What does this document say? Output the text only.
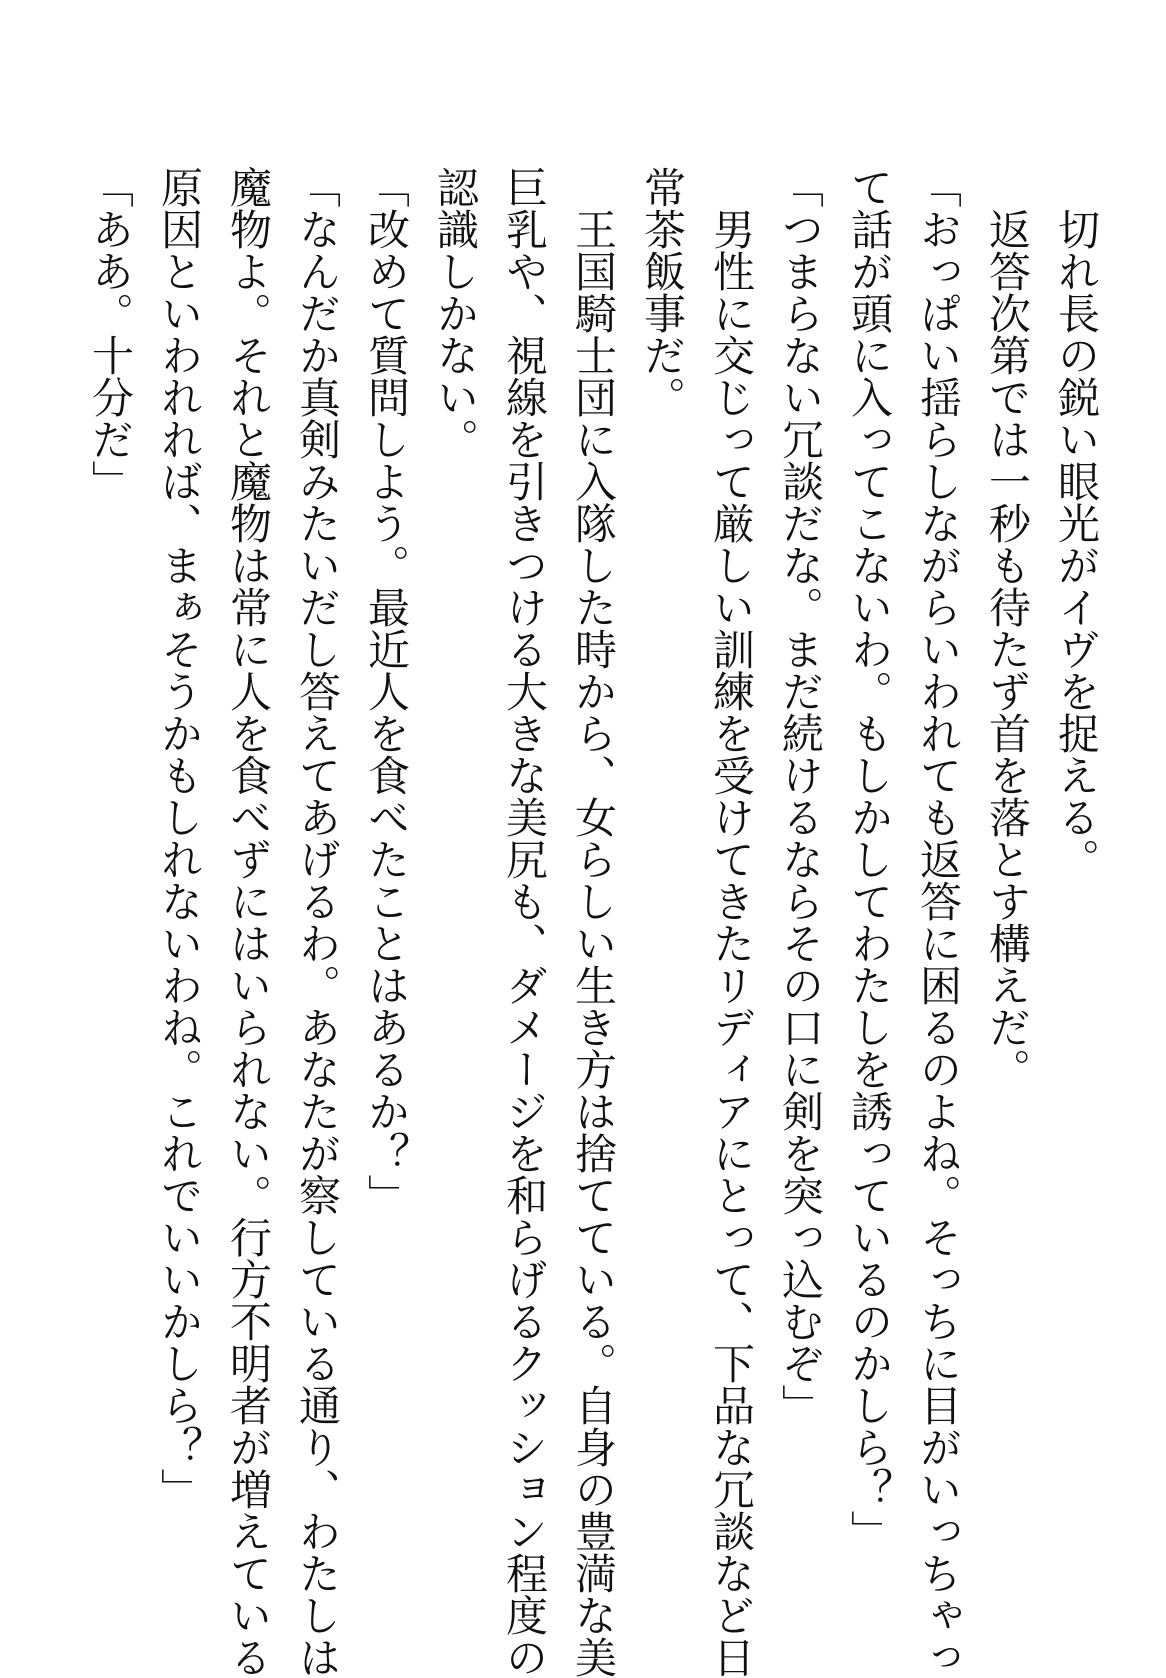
　切れ長の鋭い眼光がイヴを捉える。

　返答次第では一秒も待たず首を落とす構えだ。

「おっぱい揺らしながらいわれても返答に困るのよね。そっちに目がいっちゃっ

て話が頭に入ってこないわ。もしかしてわたしを誘っているのかしら？」

「つまらない冗談だな。まだ続けるならその口に剣を突っ込むぞ」

　男性に交じって厳しい訓練を受けてきたリディアにとって、下品な冗談など日

常茶飯事だ。

　王国騎士団に入隊した時から、女らしい生き方は捨てている。自身の豊満な美

巨乳や、視線を引きつける大きな美尻も、ダメージを和らげるクッション程度の

認識しかない。

「改めて質問しよう。最近人を食べたことはあるか？」

「なんだか真剣みたいだし答えてあげるわ。あなたが察している通り、わたしは

魔物よ。それと魔物は常に人を食べずにはいられない。行方不明者が増えている

原因といわれれば、まぁそうかもしれないわね。これでいいかしら？」

「ああ。十分だ」
